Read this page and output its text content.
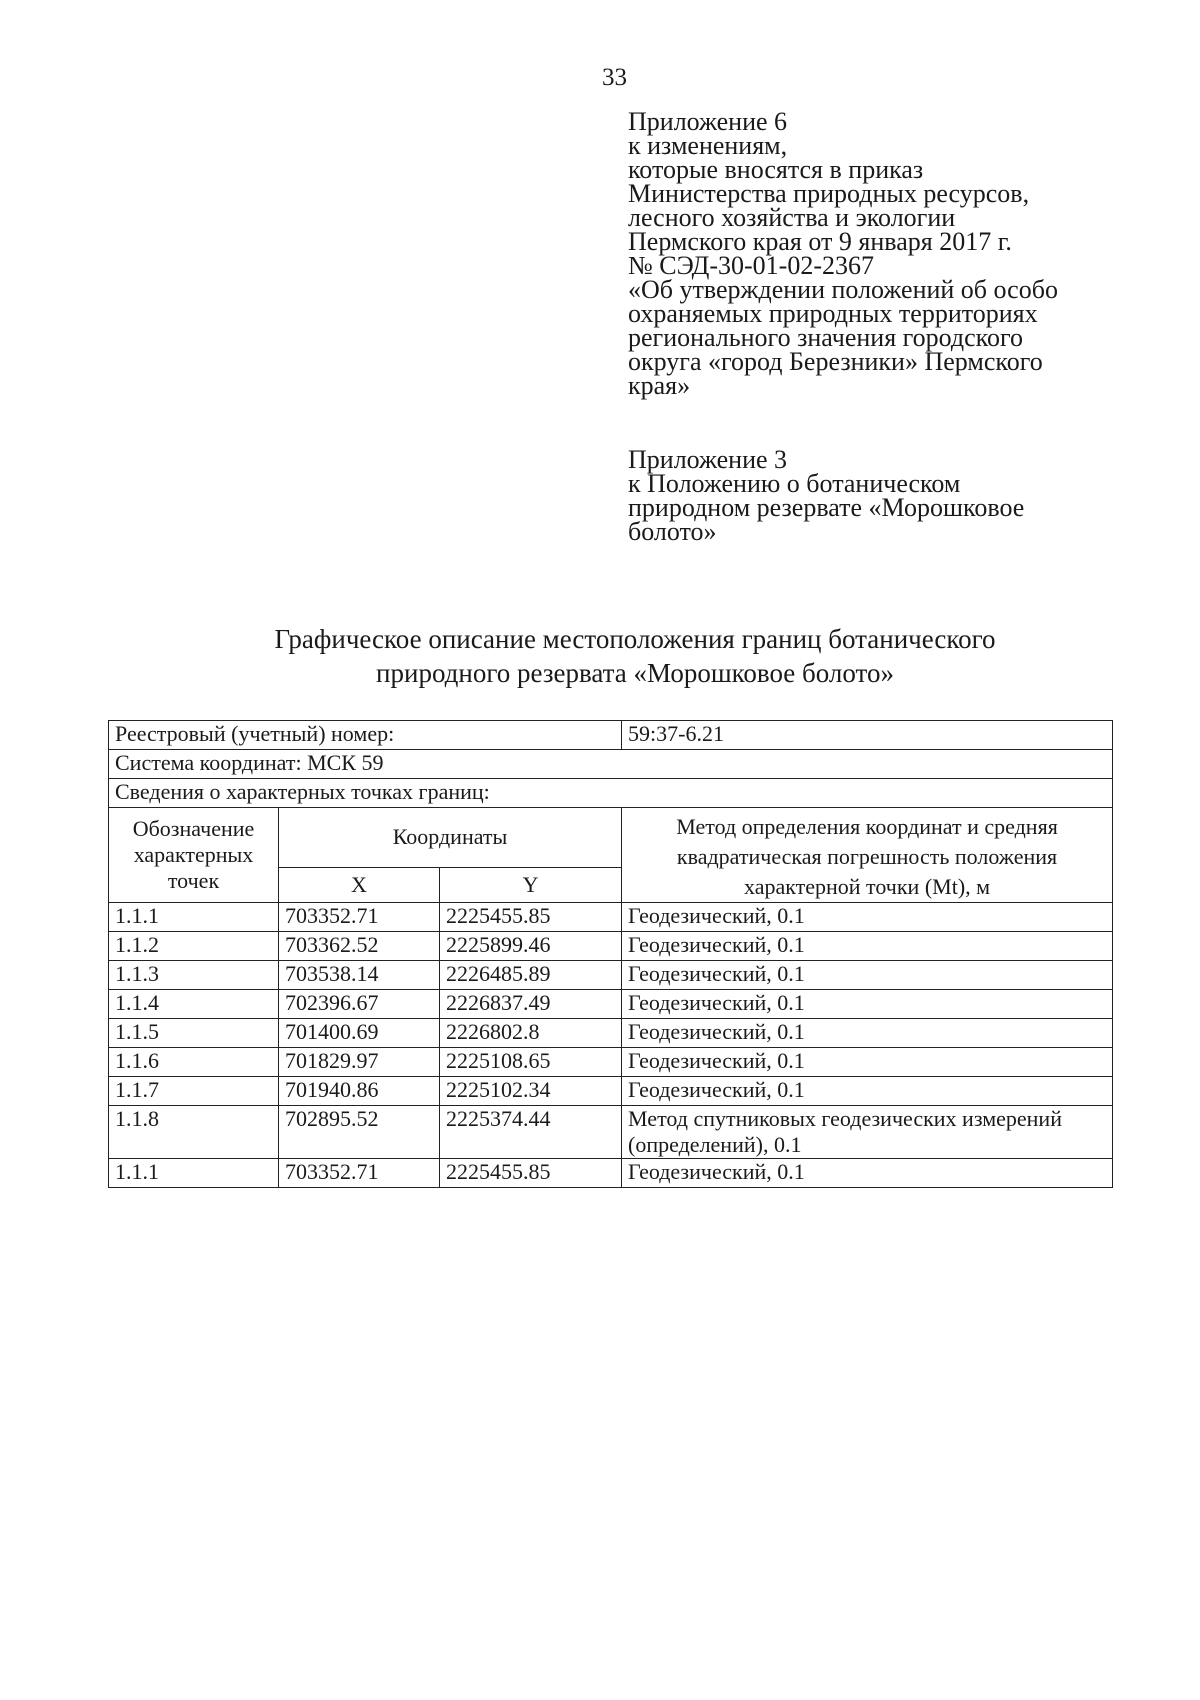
33
Приложение 6
к изменениям,
которые вносятся в приказ
Министерства природных ресурсов,
лесного хозяйства и экологии
Пермского края от 9 января 2017 г.
№ СЭД-30-01-02-2367
«Об утверждении положений об особо
охраняемых природных территориях
регионального значения городского
округа «город Березники» Пермского
края»
Приложение 3
к Положению о ботаническом
природном резервате «Морошковое
болото»
Графическое описание местоположения границ ботанического
природного резервата «Морошковое болото»
Реестровый (учетный) номер:			59:37-6.21
Система координат: МСК 59			
Сведения о характерных точках границ:			
Обозначение характерных точек	Координаты		Метод определения координат и средняя квадратическая погрешность положения характерной точки (Mt), м
	X	Y	
1.1.1	703352.71	2225455.85	Геодезический, 0.1
1.1.2	703362.52	2225899.46	Геодезический, 0.1
1.1.3	703538.14	2226485.89	Геодезический, 0.1
1.1.4	702396.67	2226837.49	Геодезический, 0.1
1.1.5	701400.69	2226802.8	Геодезический, 0.1
1.1.6	701829.97	2225108.65	Геодезический, 0.1
1.1.7	701940.86	2225102.34	Геодезический, 0.1
1.1.8	702895.52	2225374.44	Метод спутниковых геодезических измерений (определений), 0.1
1.1.1	703352.71	2225455.85	Геодезический, 0.1
